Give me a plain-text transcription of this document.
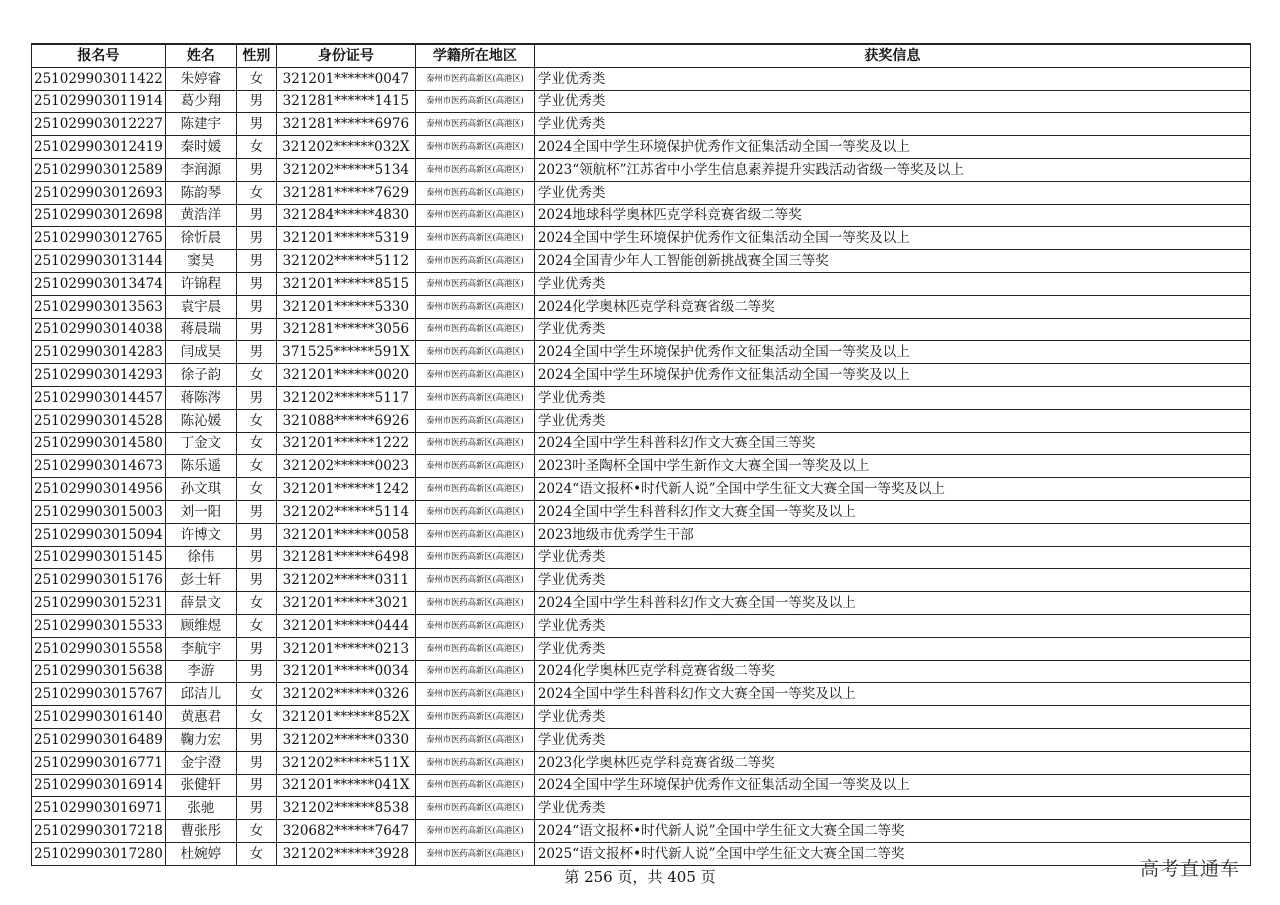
报名号	姓名	性别	身份证号	学籍所在地区	获奖信息
251029903011422	朱婷睿	女	321201******0047	泰州市医药高新区(高港区)	学业优秀类
251029903011914	葛少翔	男	321281******1415	泰州市医药高新区(高港区)	学业优秀类
251029903012227	陈建宇	男	321281******6976	泰州市医药高新区(高港区)	学业优秀类
251029903012419	秦时媛	女	321202******032X	泰州市医药高新区(高港区)	2024全国中学生环境保护优秀作文征集活动全国一等奖及以上
251029903012589	李润源	男	321202******5134	泰州市医药高新区(高港区)	2023“领航杯”江苏省中小学生信息素养提升实践活动省级一等奖及以上
251029903012693	陈韵琴	女	321281******7629	泰州市医药高新区(高港区)	学业优秀类
251029903012698	黄浩洋	男	321284******4830	泰州市医药高新区(高港区)	2024地球科学奥林匹克学科竞赛省级二等奖
251029903012765	徐忻晨	男	321201******5319	泰州市医药高新区(高港区)	2024全国中学生环境保护优秀作文征集活动全国一等奖及以上
251029903013144	窦昊	男	321202******5112	泰州市医药高新区(高港区)	2024全国青少年人工智能创新挑战赛全国三等奖
251029903013474	许锦程	男	321201******8515	泰州市医药高新区(高港区)	学业优秀类
251029903013563	袁宇晨	男	321201******5330	泰州市医药高新区(高港区)	2024化学奥林匹克学科竞赛省级二等奖
251029903014038	蒋晨瑞	男	321281******3056	泰州市医药高新区(高港区)	学业优秀类
251029903014283	闫成昊	男	371525******591X	泰州市医药高新区(高港区)	2024全国中学生环境保护优秀作文征集活动全国一等奖及以上
251029903014293	徐子韵	女	321201******0020	泰州市医药高新区(高港区)	2024全国中学生环境保护优秀作文征集活动全国一等奖及以上
251029903014457	蒋陈涔	男	321202******5117	泰州市医药高新区(高港区)	学业优秀类
251029903014528	陈沁媛	女	321088******6926	泰州市医药高新区(高港区)	学业优秀类
251029903014580	丁金文	女	321201******1222	泰州市医药高新区(高港区)	2024全国中学生科普科幻作文大赛全国三等奖
251029903014673	陈乐遥	女	321202******0023	泰州市医药高新区(高港区)	2023叶圣陶杯全国中学生新作文大赛全国一等奖及以上
251029903014956	孙文琪	女	321201******1242	泰州市医药高新区(高港区)	2024“语文报杯•时代新人说”全国中学生征文大赛全国一等奖及以上
251029903015003	刘一阳	男	321202******5114	泰州市医药高新区(高港区)	2024全国中学生科普科幻作文大赛全国一等奖及以上
251029903015094	许博文	男	321201******0058	泰州市医药高新区(高港区)	2023地级市优秀学生干部
251029903015145	徐伟	男	321281******6498	泰州市医药高新区(高港区)	学业优秀类
251029903015176	彭士轩	男	321202******0311	泰州市医药高新区(高港区)	学业优秀类
251029903015231	薛景文	女	321201******3021	泰州市医药高新区(高港区)	2024全国中学生科普科幻作文大赛全国一等奖及以上
251029903015533	顾维煜	女	321201******0444	泰州市医药高新区(高港区)	学业优秀类
251029903015558	李航宇	男	321201******0213	泰州市医药高新区(高港区)	学业优秀类
251029903015638	李游	男	321201******0034	泰州市医药高新区(高港区)	2024化学奥林匹克学科竞赛省级二等奖
251029903015767	邱洁儿	女	321202******0326	泰州市医药高新区(高港区)	2024全国中学生科普科幻作文大赛全国一等奖及以上
251029903016140	黄惠君	女	321201******852X	泰州市医药高新区(高港区)	学业优秀类
251029903016489	鞠力宏	男	321202******0330	泰州市医药高新区(高港区)	学业优秀类
251029903016771	金宇澄	男	321202******511X	泰州市医药高新区(高港区)	2023化学奥林匹克学科竞赛省级二等奖
251029903016914	张健轩	男	321201******041X	泰州市医药高新区(高港区)	2024全国中学生环境保护优秀作文征集活动全国一等奖及以上
251029903016971	张驰	男	321202******8538	泰州市医药高新区(高港区)	学业优秀类
251029903017218	曹张彤	女	320682******7647	泰州市医药高新区(高港区)	2024“语文报杯•时代新人说”全国中学生征文大赛全国二等奖
251029903017280	杜婉婷	女	321202******3928	泰州市医药高新区(高港区)	2025“语文报杯•时代新人说”全国中学生征文大赛全国二等奖
第 256 页，共 405 页	高考直通车
